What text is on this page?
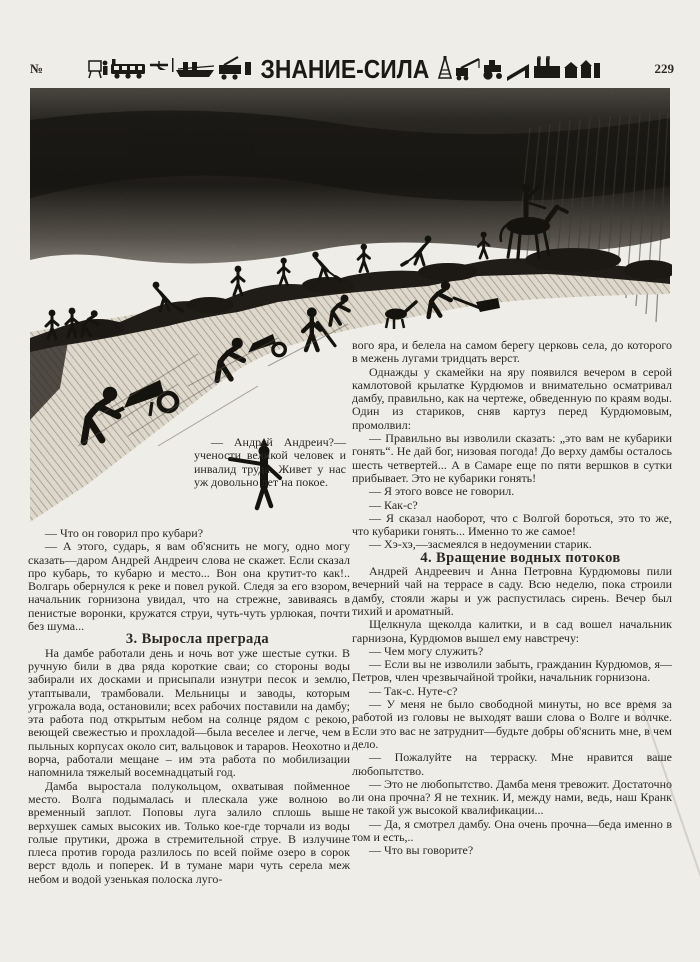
№	ЗНАНИЕ-СИЛА	229

— Андрей Андреич?—учености великой человек и инвалид труда. Живет у нас уж довольно лет на покое.

— Что он говорил про кубари?

— А этого, сударь, я вам об'яснить не могу, одно могу сказать—даром Андрей Андреич слова не скажет. Если сказал про кубарь, то кубарю и место... Вон она крутит-то как!.. Волгарь обернулся к реке и повел рукой. Следя за его взором, начальник горнизона увидал, что на стрежне, завиваясь в пенистые воронки, кружатся струи, чуть-чуть урлюкая, почти без шума...

3. Выросла преграда

На дамбе работали день и ночь вот уже шестые сутки. В ручную били в два ряда короткие сваи; со стороны воды забирали их досками и присыпали изнутри песок и землю, утаптывали, трамбовали. Мельницы и заводы, которым угрожала вода, остановили; всех рабочих поставили на дамбу; эта работа под открытым небом на солнце рядом с рекою, веющей свежестью и прохладой—была веселее и легче, чем в пыльных корпусах около сит, вальцовок и тараров. Неохотно и ворча, работали мещане – им эта работа по мобилизации напомнила тяжелый восемнадцатый год.

Дамба выростала полукольцом, охватывая пойменное место. Волга подымалась и плескала уже волною во временный заплот. Поповы луга залило сплошь выше верхушек самых высоких ив. Только кое-где торчали из воды голые прутики, дрожа в стремительной струе. В излучине плеса против города разлилось по всей пойме озеро в сорок верст вдоль и поперек. И в тумане мари чуть серела меж небом и водой узенькая полоска луго-

вого яра, и белела на самом берегу церковь села, до которого в межень лугами тридцать верст.

Однажды у скамейки на яру появился вечером в серой камлотовой крылатке Курдюмов и внимательно осматривал дамбу, правильно, как на чертеже, обведенную по краям воды. Один из стариков, сняв картуз перед Курдюмовым, промолвил:

— Правильно вы изволили сказать: „это вам не кубарики гонять“. Не дай бог, низовая погода! До верху дамбы осталось шесть четвертей... А в Самаре еще по пяти вершков в сутки прибывает. Это не кубарики гонять!

— Я этого вовсе не говорил.

— Как-с?

— Я сказал наоборот, что с Волгой бороться, это то же, что кубарики гонять... Именно то же самое!

— Хэ-хэ,—засмеялся в недоумении старик.

4. Вращение водных потоков

Андрей Андреевич и Анна Петровна Курдюмовы пили вечерний чай на террасе в саду. Всю неделю, пока строили дамбу, стояли жары и уж распустилась сирень. Вечер был тихий и ароматный.

Щелкнула щеколда калитки, и в сад вошел начальник гарнизона, Курдюмов вышел ему навстречу:

— Чем могу служить?

— Если вы не изволили забыть, гражданин Курдюмов, я—Петров, член чрезвычайной тройки, начальник горнизона.

— Так-с. Нуте-с?

— У меня не было свободной минуты, но все время за работой из головы не выходят ваши слова о Волге и волчке. Если это вас не затруднит—будьте добры об'яснить мне, в чем дело.

— Пожалуйте на терраску. Мне нравится ваше любопытство.

— Это не любопытство. Дамба меня тревожит. Достаточно ли она прочна? Я не техник. И, между нами, ведь, наш Кранк не такой уж высокой квалификации...

— Да, я смотрел дамбу. Она очень прочна—беда именно в том и есть,..

— Что вы говорите?
